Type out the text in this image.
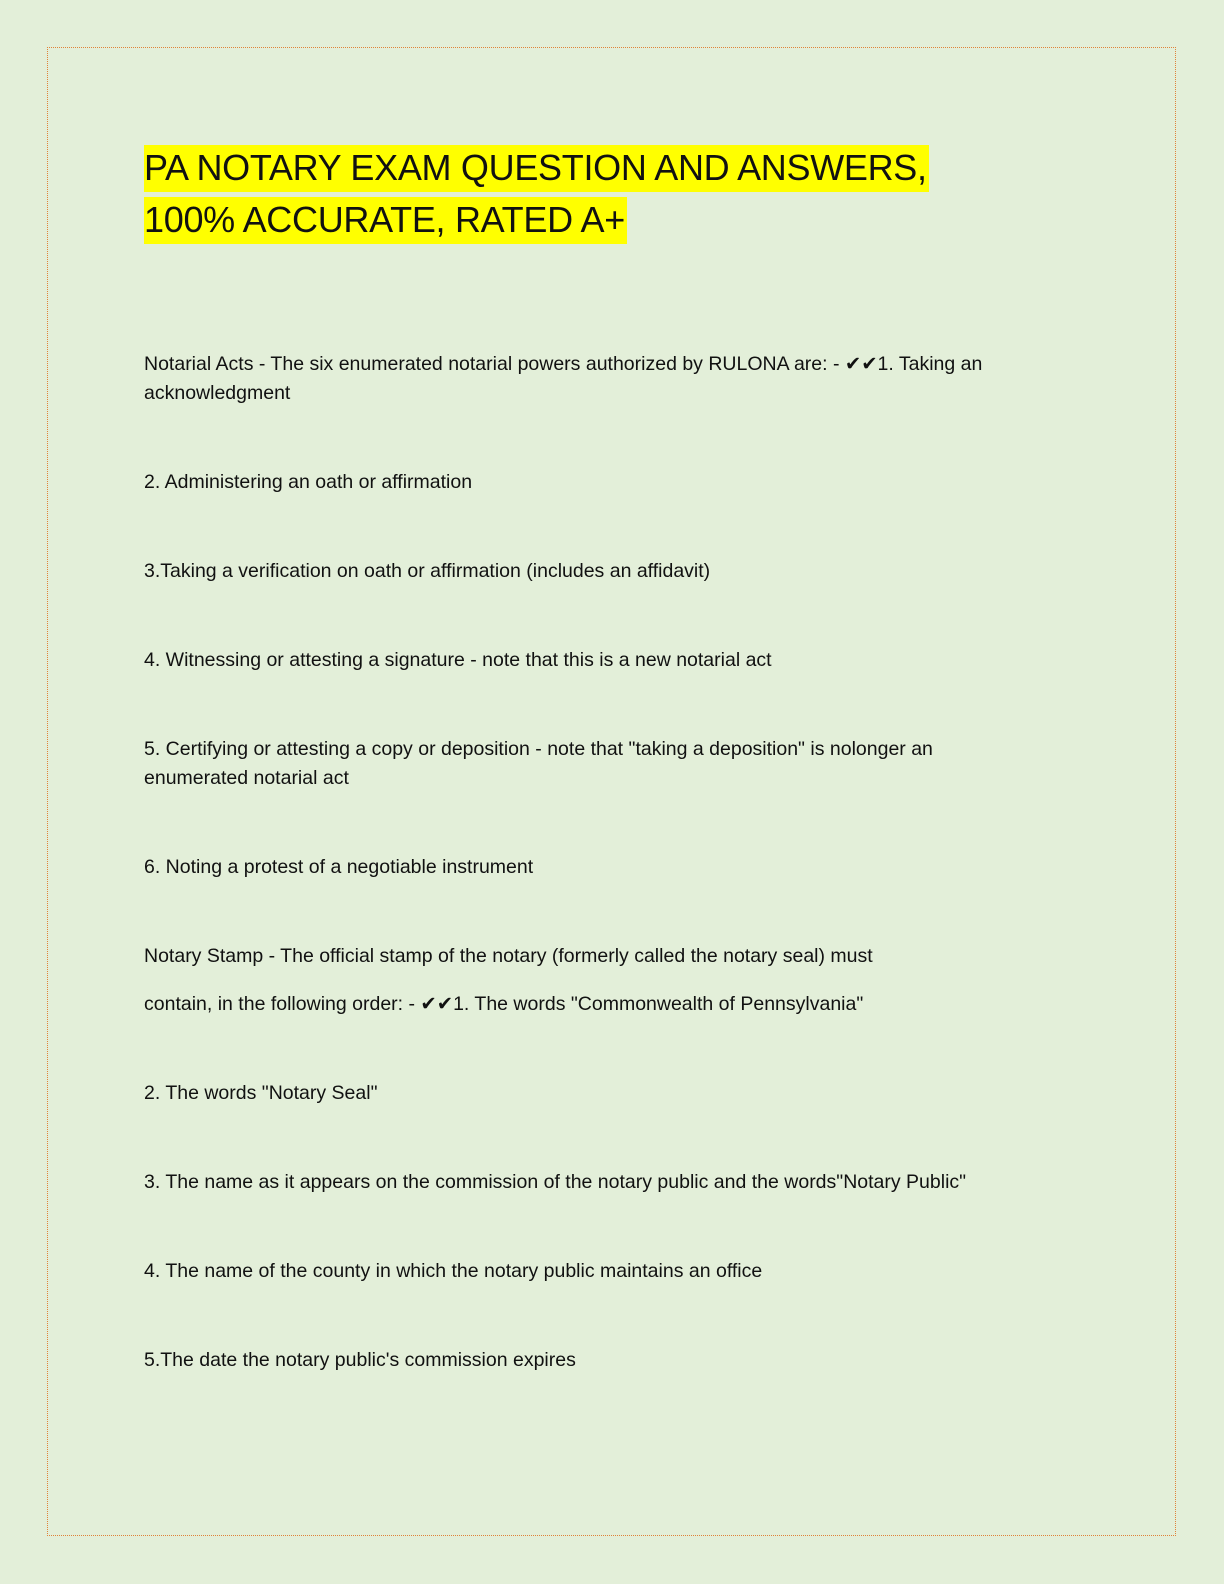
PA NOTARY EXAM QUESTION AND ANSWERS, 100% ACCURATE, RATED A+

Notarial Acts - The six enumerated notarial powers authorized by RULONA are: - ✔✔1. Taking an acknowledgment

2. Administering an oath or affirmation

3.Taking a verification on oath or affirmation (includes an affidavit)

4. Witnessing or attesting a signature - note that this is a new notarial act

5. Certifying or attesting a copy or deposition - note that "taking a deposition" is nolonger an enumerated notarial act

6. Noting a protest of a negotiable instrument

Notary Stamp - The official stamp of the notary (formerly called the notary seal) must

contain, in the following order: - ✔✔1. The words "Commonwealth of Pennsylvania"

2. The words "Notary Seal"

3. The name as it appears on the commission of the notary public and the words"Notary Public"

4. The name of the county in which the notary public maintains an office

5.The date the notary public's commission expires
